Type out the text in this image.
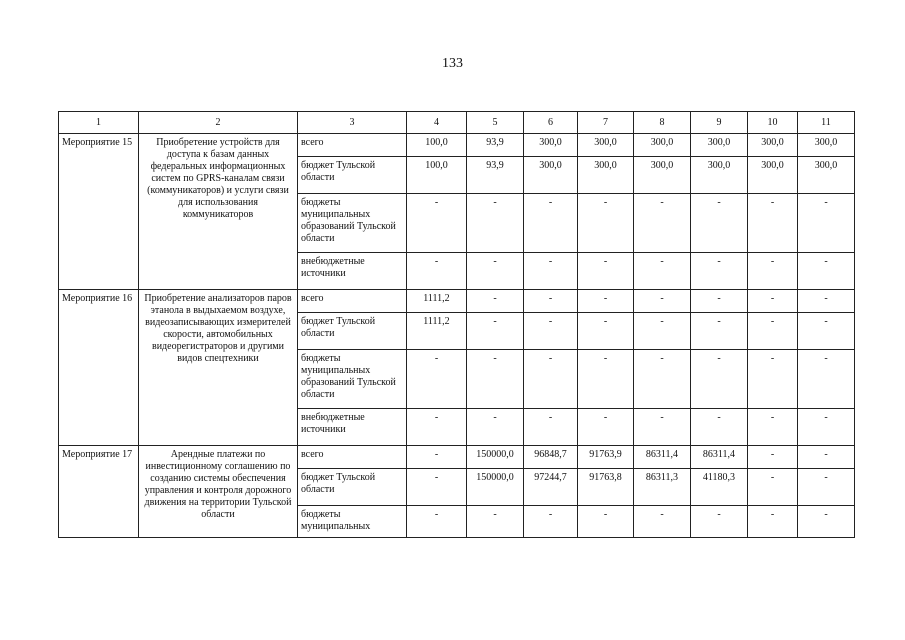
133
1	2	3	4	5	6	7	8	9	10	11
Мероприятие 15	Приобретение устройств для доступа к базам данных федеральных информационных систем по GPRS-каналам связи (коммуникаторов) и услуги связи для использования коммуникаторов	всего	100,0	93,9	300,0	300,0	300,0	300,0	300,0	300,0

		бюджет Тульской области	100,0	93,9	300,0	300,0	300,0	300,0	300,0	300,0

		бюджеты муниципальных образований Тульской области	-	-	-	-	-	-	-	-

		внебюджетные источники	-	-	-	-	-	-	-	-

Мероприятие 16	Приобретение анализаторов паров этанола в выдыхаемом воздухе, видеозаписывающих измерителей скорости, автомобильных видеорегистраторов и другими видов спецтехники	всего	1111,2	-	-	-	-	-	-	-

		бюджет Тульской области	1111,2	-	-	-	-	-	-	-

		бюджеты муниципальных образований Тульской области	-	-	-	-	-	-	-	-

		внебюджетные источники	-	-	-	-	-	-	-	-

Мероприятие 17	Арендные платежи по инвестиционному соглашению по созданию системы обеспечения управления и контроля дорожного движения на территории Тульской области	всего	-	150000,0	96848,7	91763,9	86311,4	86311,4	-	-

		бюджет Тульской области	-	150000,0	97244,7	91763,8	86311,3	41180,3	-	-

		бюджеты муниципальных	-	-	-	-	-	-	-	-
